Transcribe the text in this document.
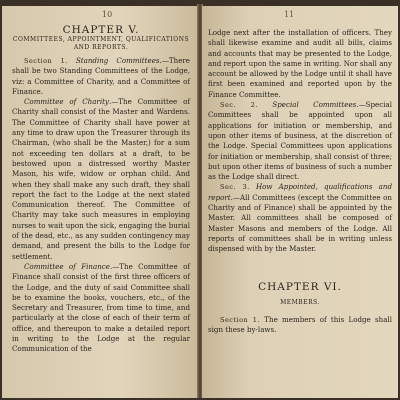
10
CHAPTER V.
COMMITTEES, APPOINTMENT, QUALIFICATIONS AND REPORTS.

Section 1. Standing Committees.—There shall be two Standing Committees of the Lodge, viz: a Committee of Charity, and a Committee of Finance.

Committee of Charity.—The Committee of Charity shall consist of the Master and Wardens. The Committee of Charity shall have power at any time to draw upon the Treasurer through its Chairman, (who shall be the Master,) for a sum not exceeding ten dollars at a draft, to be bestowed upon a distressed worthy Master Mason, his wife, widow or orphan child. And when they shall make any such draft, they shall report the fact to the Lodge at the next stated Communication thereof. The Committee of Charity may take such measures in employing nurses to wait upon the sick, engaging the burial of the dead, etc., as any sudden contingency may demand, and present the bills to the Lodge for settlement.

Committee of Finance.—The Committee of Finance shall consist of the first three officers of the Lodge, and the duty of said Committee shall be to examine the books, vouchers, etc., of the Secretary and Treasurer, from time to time, and particularly at the close of each of their term of office, and thereupon to make a detailed report in writing to the Lodge at the regular Communication of the

11

Lodge next after the installation of officers. They shall likewise examine and audit all bills, claims and accounts that may be presented to the Lodge, and report upon the same in writing. Nor shall any account be allowed by the Lodge until it shall have first been examined and reported upon by the Finance Committee.

Sec. 2. Special Committees.—Special Committees shall be appointed upon all applications for initiation or membership, and upon other items of business, at the discretion of the Lodge. Special Committees upon applications for initiation or membership, shall consist of three; but upon other items of business of such a number as the Lodge shall direct.

Sec. 3. How Appointed, qualifications and report.—All Committees (except the Committee on Charity and of Finance) shall be appointed by the Master. All committees shall be composed of Master Masons and members of the Lodge. All reports of committees shall be in writing unless dispensed with by the Master.

CHAPTER VI.
MEMBERS.

Section 1. The members of this Lodge shall sign these by-laws.
